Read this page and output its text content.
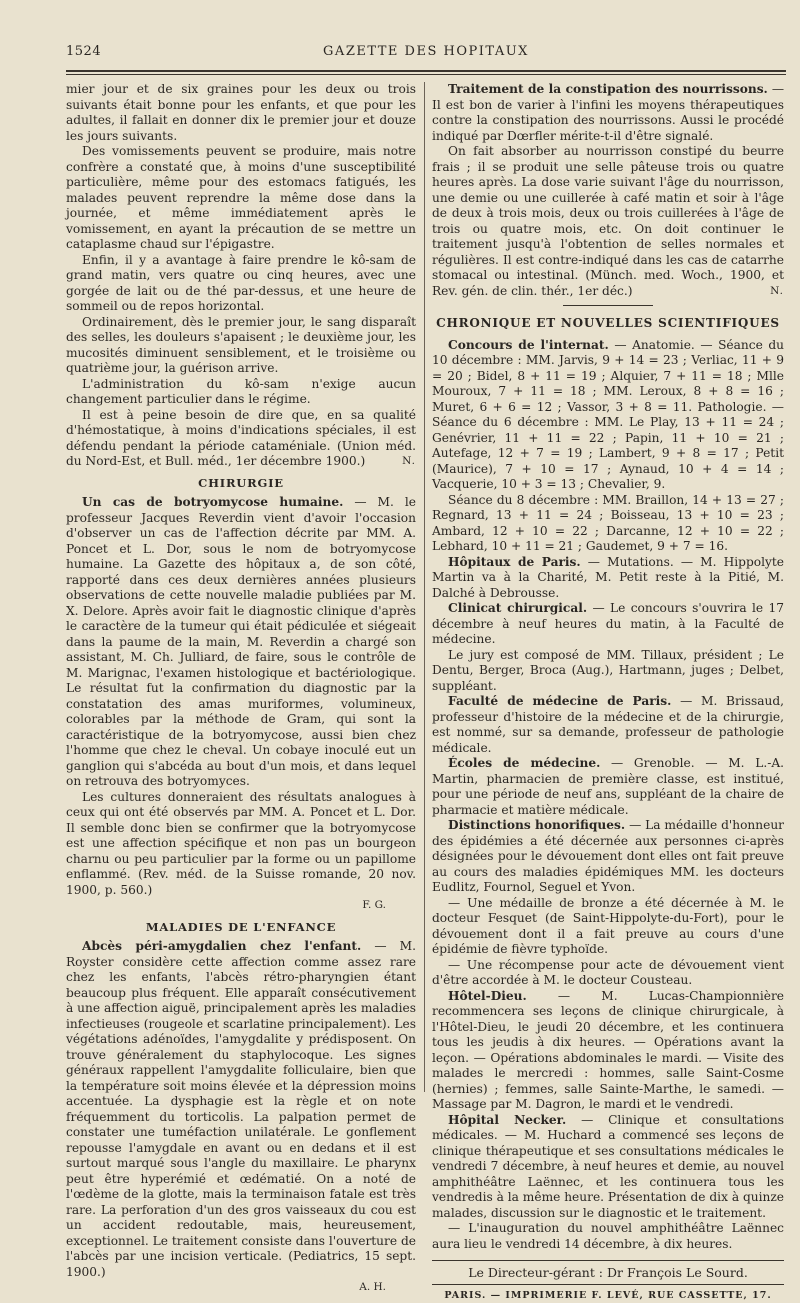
1524	GAZETTE DES HOPITAUX

mier jour et de six graines pour les deux ou trois suivants était bonne pour les enfants, et que pour les adultes, il fallait en donner dix le premier jour et douze les jours suivants.

Des vomissements peuvent se produire, mais notre confrère a constaté que, à moins d'une susceptibilité particulière, même pour des estomacs fatigués, les malades peuvent reprendre la même dose dans la journée, et même immédiatement après le vomissement, en ayant la précaution de se mettre un cataplasme chaud sur l'épigastre.

Enfin, il y a avantage à faire prendre le kô-sam de grand matin, vers quatre ou cinq heures, avec une gorgée de lait ou de thé par-dessus, et une heure de sommeil ou de repos horizontal.

Ordinairement, dès le premier jour, le sang disparaît des selles, les douleurs s'apaisent ; le deuxième jour, les mucosités diminuent sensiblement, et le troisième ou quatrième jour, la guérison arrive.

L'administration du kô-sam n'exige aucun changement particulier dans le régime.

Il est à peine besoin de dire que, en sa qualité d'hémostatique, à moins d'indications spéciales, il est défendu pendant la période cataméniale. (Union méd. du Nord-Est, et Bull. méd., 1er décembre 1900.)	N.

CHIRURGIE

Un cas de botryomycose humaine. — M. le professeur Jacques Reverdin vient d'avoir l'occasion d'observer un cas de l'affection décrite par MM. A. Poncet et L. Dor, sous le nom de botryomycose humaine. La Gazette des hôpitaux a, de son côté, rapporté dans ces deux dernières années plusieurs observations de cette nouvelle maladie publiées par M. X. Delore. Après avoir fait le diagnostic clinique d'après le caractère de la tumeur qui était pédiculée et siégeait dans la paume de la main, M. Reverdin a chargé son assistant, M. Ch. Julliard, de faire, sous le contrôle de M. Marignac, l'examen histologique et bactériologique. Le résultat fut la confirmation du diagnostic par la constatation des amas muriformes, volumineux, colorables par la méthode de Gram, qui sont la caractéristique de la botryomycose, aussi bien chez l'homme que chez le cheval. Un cobaye inoculé eut un ganglion qui s'abcéda au bout d'un mois, et dans lequel on retrouva des botryomyces.

Les cultures donneraient des résultats analogues à ceux qui ont été observés par MM. A. Poncet et L. Dor. Il semble donc bien se confirmer que la botryomycose est une affection spécifique et non pas un bourgeon charnu ou peu particulier par la forme ou un papillome enflammé. (Rev. méd. de la Suisse romande, 20 nov. 1900, p. 560.)

F. G.
MALADIES DE L'ENFANCE

Abcès péri-amygdalien chez l'enfant. — M. Royster considère cette affection comme assez rare chez les enfants, l'abcès rétro-pharyngien étant beaucoup plus fréquent. Elle apparaît consécutivement à une affection aiguë, principalement après les maladies infectieuses (rougeole et scarlatine principalement). Les végétations adénoïdes, l'amygdalite y prédisposent. On trouve généralement du staphylocoque. Les signes généraux rappellent l'amygdalite folliculaire, bien que la température soit moins élevée et la dépression moins accentuée. La dysphagie est la règle et on note fréquemment du torticolis. La palpation permet de constater une tuméfaction unilatérale. Le gonflement repousse l'amygdale en avant ou en dedans et il est surtout marqué sous l'angle du maxillaire. Le pharynx peut être hyperémié et œdématié. On a noté de l'œdème de la glotte, mais la terminaison fatale est très rare. La perforation d'un des gros vaisseaux du cou est un accident redoutable, mais, heureusement, exceptionnel. Le traitement consiste dans l'ouverture de l'abcès par une incision verticale. (Pediatrics, 15 sept. 1900.)

A. H.

Traitement de la constipation des nourrissons. — Il est bon de varier à l'infini les moyens thérapeutiques contre la constipation des nourrissons. Aussi le procédé indiqué par Dœrfler mérite-t-il d'être signalé.

On fait absorber au nourrisson constipé du beurre frais ; il se produit une selle pâteuse trois ou quatre heures après. La dose varie suivant l'âge du nourrisson, une demie ou une cuillerée à café matin et soir à l'âge de deux à trois mois, deux ou trois cuillerées à l'âge de trois ou quatre mois, etc. On doit continuer le traitement jusqu'à l'obtention de selles normales et régulières. Il est contre-indiqué dans les cas de catarrhe stomacal ou intestinal. (Münch. med. Woch., 1900, et Rev. gén. de clin. thér., 1er déc.)	N.

CHRONIQUE ET NOUVELLES SCIENTIFIQUES

Concours de l'internat. — Anatomie. — Séance du 10 décembre : MM. Jarvis, 9 + 14 = 23 ; Verliac, 11 + 9 = 20 ; Bidel, 8 + 11 = 19 ; Alquier, 7 + 11 = 18 ; Mlle Mouroux, 7 + 11 = 18 ; MM. Leroux, 8 + 8 = 16 ; Muret, 6 + 6 = 12 ; Vassor, 3 + 8 = 11. Pathologie. — Séance du 6 décembre : MM. Le Play, 13 + 11 = 24 ; Genévrier, 11 + 11 = 22 ; Papin, 11 + 10 = 21 ; Autefage, 12 + 7 = 19 ; Lambert, 9 + 8 = 17 ; Petit (Maurice), 7 + 10 = 17 ; Aynaud, 10 + 4 = 14 ; Vacquerie, 10 + 3 = 13 ; Chevalier, 9.

Séance du 8 décembre : MM. Braillon, 14 + 13 = 27 ; Regnard, 13 + 11 = 24 ; Boisseau, 13 + 10 = 23 ; Ambard, 12 + 10 = 22 ; Darcanne, 12 + 10 = 22 ; Lebhard, 10 + 11 = 21 ; Gaudemet, 9 + 7 = 16.

Hôpitaux de Paris. — Mutations. — M. Hippolyte Martin va à la Charité, M. Petit reste à la Pitié, M. Dalché à Debrousse.

Clinicat chirurgical. — Le concours s'ouvrira le 17 décembre à neuf heures du matin, à la Faculté de médecine.

Le jury est composé de MM. Tillaux, président ; Le Dentu, Berger, Broca (Aug.), Hartmann, juges ; Delbet, suppléant.

Faculté de médecine de Paris. — M. Brissaud, professeur d'histoire de la médecine et de la chirurgie, est nommé, sur sa demande, professeur de pathologie médicale.

Écoles de médecine. — Grenoble. — M. L.-A. Martin, pharmacien de première classe, est institué, pour une période de neuf ans, suppléant de la chaire de pharmacie et matière médicale.

Distinctions honorifiques. — La médaille d'honneur des épidémies a été décernée aux personnes ci-après désignées pour le dévouement dont elles ont fait preuve au cours des maladies épidémiques MM. les docteurs Eudlitz, Fournol, Seguel et Yvon.

— Une médaille de bronze a été décernée à M. le docteur Fesquet (de Saint-Hippolyte-du-Fort), pour le dévouement dont il a fait preuve au cours d'une épidémie de fièvre typhoïde.

— Une récompense pour acte de dévouement vient d'être accordée à M. le docteur Cousteau.

Hôtel-Dieu.	— M. Lucas-Championnière recommencera ses leçons de clinique chirurgicale, à l'Hôtel-Dieu, le jeudi 20 décembre, et les continuera tous les jeudis à dix heures. — Opérations avant la leçon. — Opérations abdominales le mardi. — Visite des malades le mercredi : hommes, salle Saint-Cosme (hernies) ; femmes, salle Sainte-Marthe, le samedi. — Massage par M. Dagron, le mardi et le vendredi.

Hôpital Necker. — Clinique et consultations médicales. — M. Huchard a commencé ses leçons de clinique thérapeutique et ses consultations médicales le vendredi 7 décembre, à neuf heures et demie, au nouvel amphithéâtre Laënnec, et les continuera tous les vendredis à la même heure. Présentation de dix à quinze malades, discussion sur le diagnostic et le traitement.

— L'inauguration du nouvel amphithéâtre Laënnec aura lieu le vendredi 14 décembre, à dix heures.

Le Directeur-gérant : Dr François Le Sourd.
PARIS. — IMPRIMERIE F. LEVÉ, RUE CASSETTE, 17.
